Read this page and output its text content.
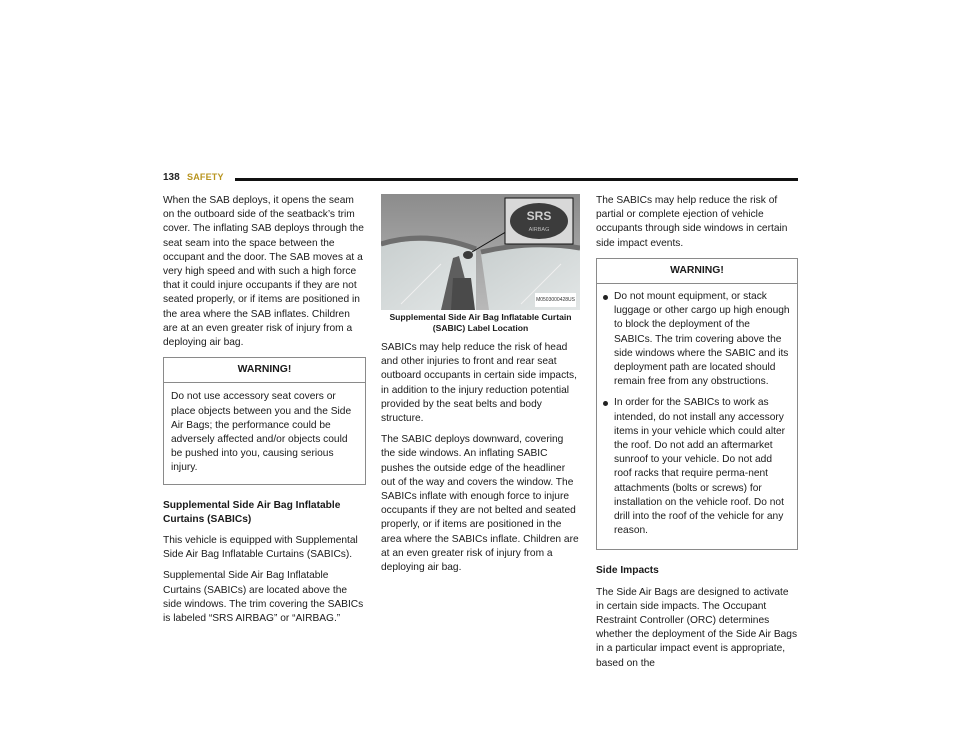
138 SAFETY

When the SAB deploys, it opens the seam on the outboard side of the seatback’s trim cover. The inflating SAB deploys through the seat seam into the space between the occupant and the door. The SAB moves at a very high speed and with such a high force that it could injure occupants if they are not seated properly, or if items are positioned in the area where the SAB inflates. Children are at an even greater risk of injury from a deploying air bag.

WARNING!

Do not use accessory seat covers or place objects between you and the Side Air Bags; the performance could be adversely affected and/or objects could be pushed into you, causing serious injury.

Supplemental Side Air Bag Inflatable Curtains (SABICs)

This vehicle is equipped with Supplemental Side Air Bag Inflatable Curtains (SABICs).

Supplemental Side Air Bag Inflatable Curtains (SABICs) are located above the side windows. The trim covering the SABICs is labeled “SRS AIRBAG” or “AIRBAG.”

SRS
AIRBAG
M0503000428US

Supplemental Side Air Bag Inflatable Curtain (SABIC) Label Location

SABICs may help reduce the risk of head and other injuries to front and rear seat outboard occupants in certain side impacts, in addition to the injury reduction potential provided by the seat belts and body structure.

The SABIC deploys downward, covering the side windows. An inflating SABIC pushes the outside edge of the headliner out of the way and covers the window. The SABICs inflate with enough force to injure occupants if they are not belted and seated properly, or if items are positioned in the area where the SABICs inflate. Children are at an even greater risk of injury from a deploying air bag.

The SABICs may help reduce the risk of partial or complete ejection of vehicle occupants through side windows in certain side impact events.

WARNING!
Do not mount equipment, or stack luggage or other cargo up high enough to block the deployment of the SABICs. The trim covering above the side windows where the SABIC and its deployment path are located should remain free from any obstructions.
In order for the SABICs to work as intended, do not install any accessory items in your vehicle which could alter the roof. Do not add an aftermarket sunroof to your vehicle. Do not add roof racks that require perma-nent attachments (bolts or screws) for installation on the vehicle roof. Do not drill into the roof of the vehicle for any reason.

Side Impacts

The Side Air Bags are designed to activate in certain side impacts. The Occupant Restraint Controller (ORC) determines whether the deployment of the Side Air Bags in a particular impact event is appropriate, based on the
